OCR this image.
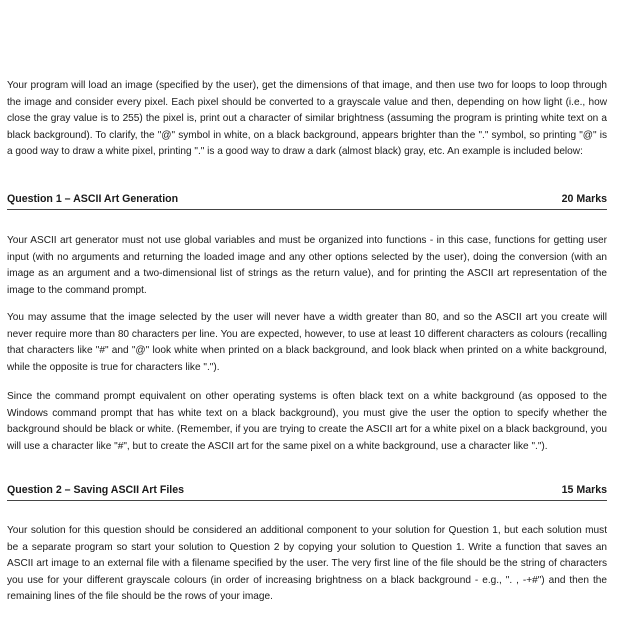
Your program will load an image (specified by the user), get the dimensions of that image, and then use two for loops to loop through the image and consider every pixel. Each pixel should be converted to a grayscale value and then, depending on how light (i.e., how close the gray value is to 255) the pixel is, print out a character of similar brightness (assuming the program is printing white text on a black background). To clarify, the "@" symbol in white, on a black background, appears brighter than the "." symbol, so printing "@" is a good way to draw a white pixel, printing "." is a good way to draw a dark (almost black) gray, etc. An example is included below:

Question 1 – ASCII Art Generation	20 Marks

Your ASCII art generator must not use global variables and must be organized into functions - in this case, functions for getting user input (with no arguments and returning the loaded image and any other options selected by the user), doing the conversion (with an image as an argument and a two-dimensional list of strings as the return value), and for printing the ASCII art representation of the image to the command prompt.

You may assume that the image selected by the user will never have a width greater than 80, and so the ASCII art you create will never require more than 80 characters per line. You are expected, however, to use at least 10 different characters as colours (recalling that characters like "#" and "@" look white when printed on a black background, and look black when printed on a white background, while the opposite is true for characters like ".").

Since the command prompt equivalent on other operating systems is often black text on a white background (as opposed to the Windows command prompt that has white text on a black background), you must give the user the option to specify whether the background should be black or white. (Remember, if you are trying to create the ASCII art for a white pixel on a black background, you will use a character like "#", but to create the ASCII art for the same pixel on a white background, use a character like ".").

Question 2 – Saving ASCII Art Files	15 Marks

Your solution for this question should be considered an additional component to your solution for Question 1, but each solution must be a separate program so start your solution to Question 2 by copying your solution to Question 1. Write a function that saves an ASCII art image to an external file with a filename specified by the user. The very first line of the file should be the string of characters you use for your different grayscale colours (in order of increasing brightness on a black background - e.g., ". , -+#") and then the remaining lines of the file should be the rows of your image.
